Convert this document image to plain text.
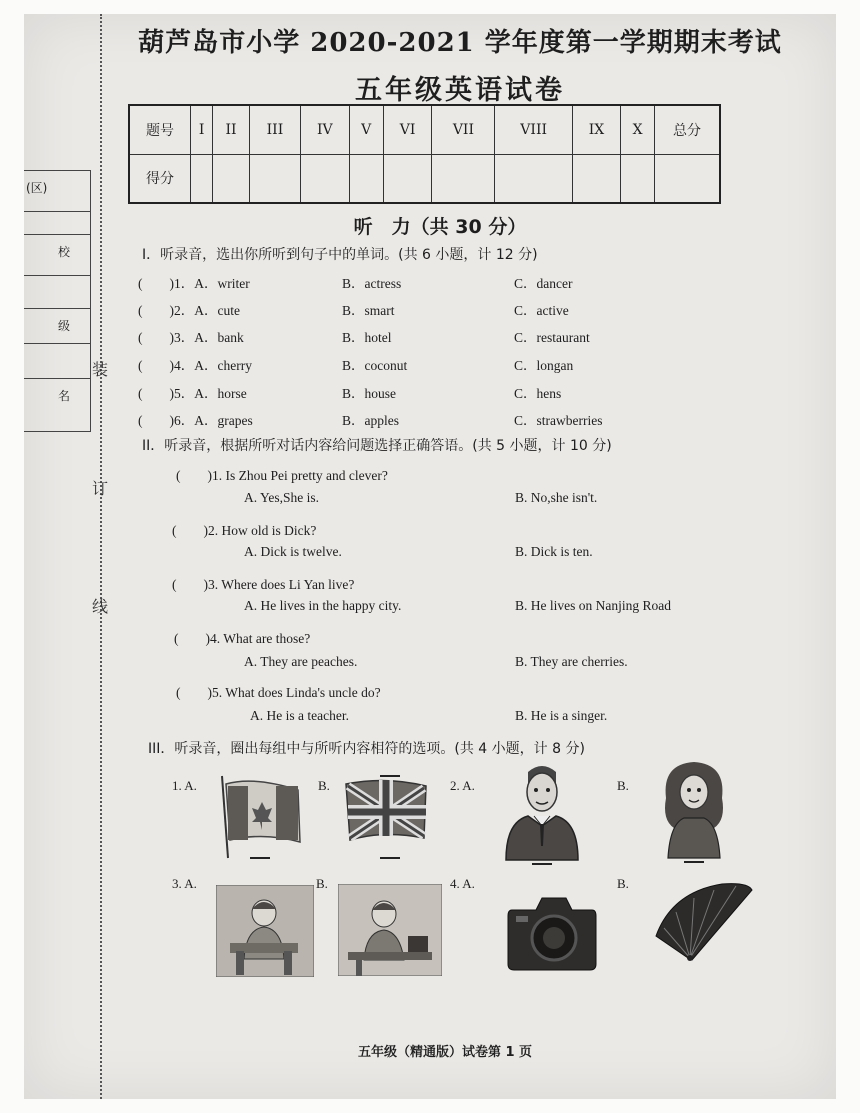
装
订
线
(区)
校
级
名
葫芦岛市小学 2020-2021 学年度第一学期期末考试
五年级英语试卷
题号	I	II	III	IV	V	VI	VII	VIII	IX	X	总分
得分											
听　力（共 30 分）
I．听录音，选出你所听到句子中的单词。(共 6 小题，计 12 分)
(　　)1．A．writer	B．actress	C．dancer
(　　)2．A．cute	B．smart	C．active
(　　)3．A．bank	B．hotel	C．restaurant
(　　)4．A．cherry	B．coconut	C．longan
(　　)5．A．horse	B．house	C．hens
(　　)6．A．grapes	B．apples	C．strawberries
II．听录音，根据所听对话内容给问题选择正确答语。(共 5 小题，计 10 分)
(　　)1. Is Zhou Pei pretty and clever?
A. Yes,She is.	B. No,she isn't.
(　　)2. How old is Dick?
A. Dick is twelve.	B. Dick is ten.
(　　)3. Where does Li Yan live?
A. He lives in the happy city.	B. He lives on Nanjing Road
(　　)4. What are those?
A. They are peaches.	B. They are cherries.
(　　)5. What does Linda's uncle do?
A. He is a teacher.	B. He is a singer.
III．听录音，圈出每组中与所听内容相符的选项。(共 4 小题，计 8 分)
1. A.	B.	2. A.	B.
3. A.	B.	4. A.	B.
五年级（精通版）试卷第 1 页
